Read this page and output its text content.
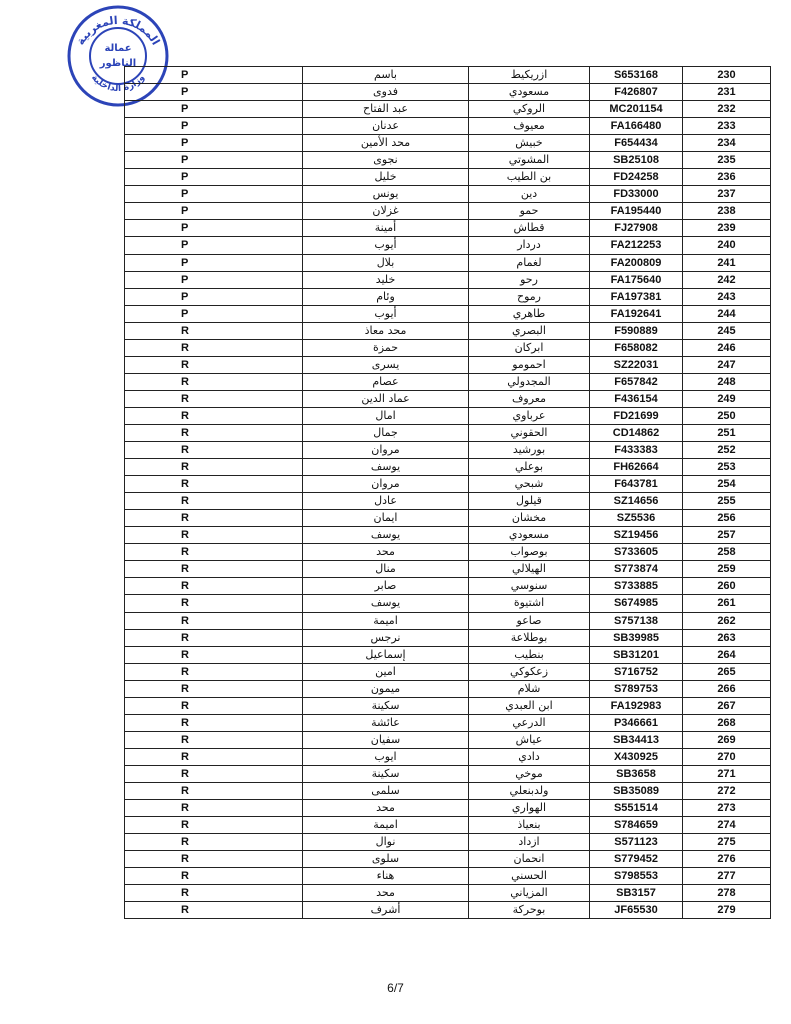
المملكة المغربية
وزارة الداخلية
عمالة
الناظور
P	باسم	ازريكيط	S653168	230
P	فدوى	مسعودي	F426807	231
P	عبد الفتاح	الروكي	MC201154	232
P	عدنان	معيوف	FA166480	233
P	محد الأمين	خبيش	F654434	234
P	نجوى	المشوتي	SB25108	235
P	خليل	بن الطيب	FD24258	236
P	يونس	دين	FD33000	237
P	غزلان	حمو	FA195440	238
P	أمينة	قطاش	FJ27908	239
P	أيوب	دردار	FA212253	240
P	بلال	لغمام	FA200809	241
P	خليد	رحو	FA175640	242
P	وئام	رموح	FA197381	243
P	أيوب	طاهري	FA192641	244
R	محد معاذ	البصري	F590889	245
R	حمزة	ابركان	F658082	246
R	يسرى	احمومو	SZ22031	247
R	عصام	المجدولي	F657842	248
R	عماد الدين	معروف	F436154	249
R	امال	عرباوي	FD21699	250
R	جمال	الحقوني	CD14862	251
R	مروان	بورشيد	F433383	252
R	يوسف	بوعلي	FH62664	253
R	مروان	شبحي	F643781	254
R	عادل	قيلول	SZ14656	255
R	ايمان	مخشان	SZ5536	256
R	يوسف	مسعودي	SZ19456	257
R	محد	بوصواب	S733605	258
R	منال	الهيلالي	S773874	259
R	صابر	سنوسي	S733885	260
R	يوسف	اشتيوة	S674985	261
R	اميمة	صاعو	S757138	262
R	نرجس	بوطلاعة	SB39985	263
R	إسماعيل	بنطيب	SB31201	264
R	امين	زعكوكي	S716752	265
R	ميمون	شلام	S789753	266
R	سكينة	ابن العبدي	FA192983	267
R	عائشة	الدرعي	P346661	268
R	سفيان	عياش	SB34413	269
R	ايوب	دادي	X430925	270
R	سكينة	موخي	SB3658	271
R	سلمى	ولدبنعلي	SB35089	272
R	محد	الهواري	S551514	273
R	اميمة	بنعياذ	S784659	274
R	نوال	ازداد	S571123	275
R	سلوى	انحمان	S779452	276
R	هناء	الحسني	S798553	277
R	محد	المزياني	SB3157	278
R	أشرف	بوحركة	JF65530	279
6/7
